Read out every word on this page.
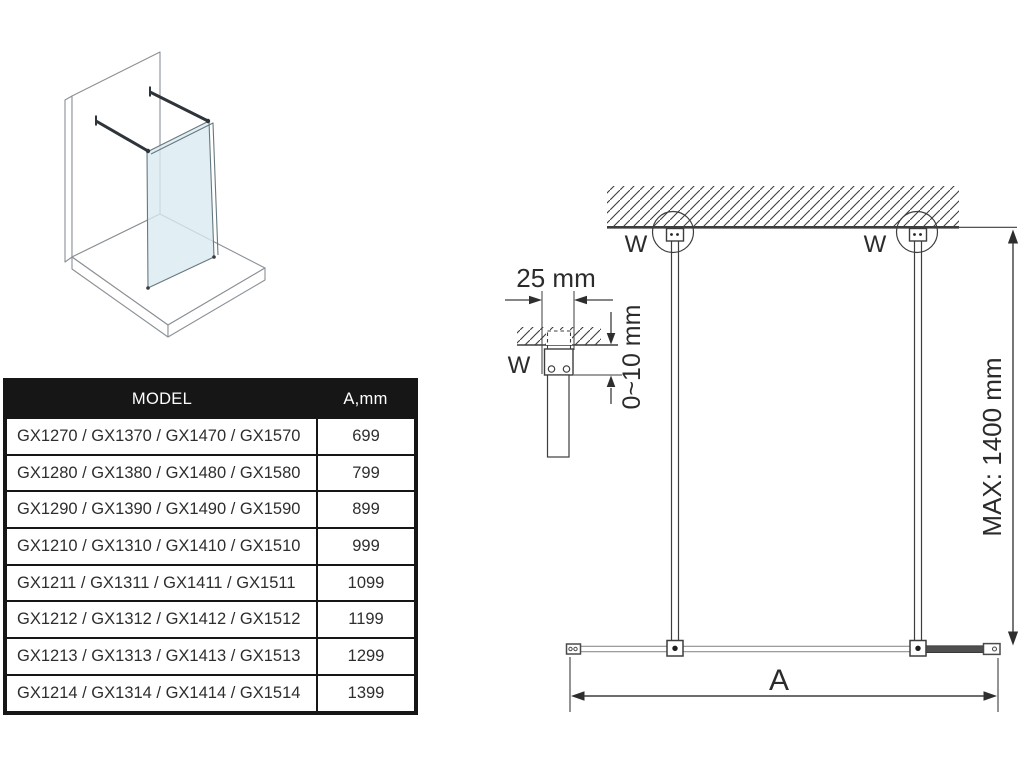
25 mm
W	0~10 mm
W	W
A
MAX: 1400 mm
MODEL	A,mm
GX1270 / GX1370 / GX1470 / GX1570	699
GX1280 / GX1380 / GX1480 / GX1580	799
GX1290 / GX1390 / GX1490 / GX1590	899
GX1210 / GX1310 / GX1410 / GX1510	999
GX1211 / GX1311 / GX1411 / GX1511	1099
GX1212 / GX1312 / GX1412 / GX1512	1199
GX1213 / GX1313 / GX1413 / GX1513	1299
GX1214 / GX1314 / GX1414 / GX1514	1399
